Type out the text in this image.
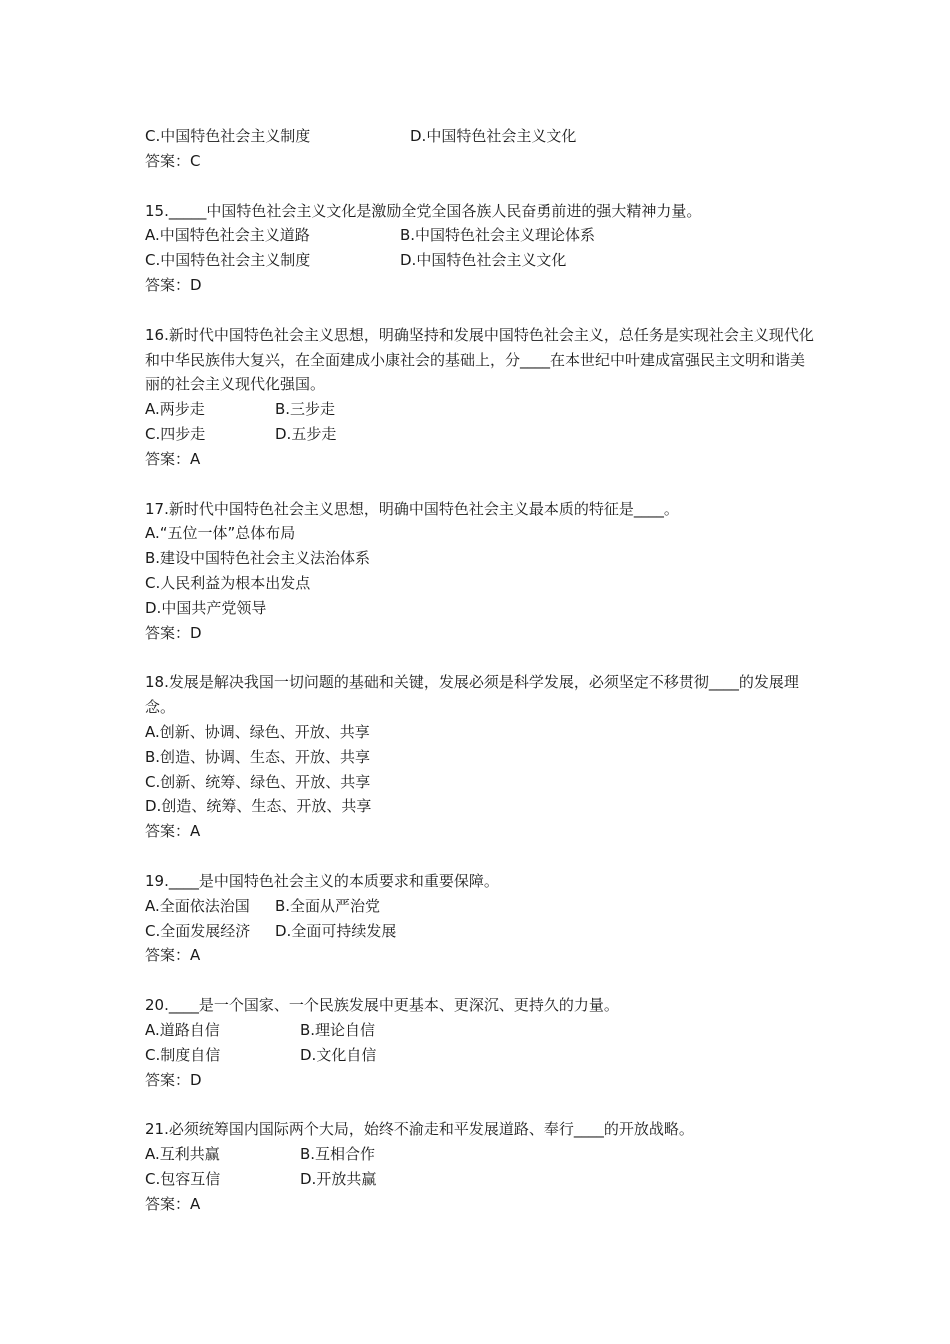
C.中国特色社会主义制度	D.中国特色社会主义文化
答案：C
15._____中国特色社会主义文化是激励全党全国各族人民奋勇前进的强大精神力量。
A.中国特色社会主义道路	B.中国特色社会主义理论体系
C.中国特色社会主义制度	D.中国特色社会主义文化
答案：D
16.新时代中国特色社会主义思想，明确坚持和发展中国特色社会主义，总任务是实现社会主义现代化和中华民族伟大复兴，在全面建成小康社会的基础上，分____在本世纪中叶建成富强民主文明和谐美丽的社会主义现代化强国。
A.两步走	B.三步走
C.四步走	D.五步走
答案：A
17.新时代中国特色社会主义思想，明确中国特色社会主义最本质的特征是____。
A.“五位一体”总体布局
B.建设中国特色社会主义法治体系
C.人民利益为根本出发点
D.中国共产党领导
答案：D
18.发展是解决我国一切问题的基础和关键，发展必须是科学发展，必须坚定不移贯彻____的发展理念。
A.创新、协调、绿色、开放、共享
B.创造、协调、生态、开放、共享
C.创新、统筹、绿色、开放、共享
D.创造、统筹、生态、开放、共享
答案：A
19.____是中国特色社会主义的本质要求和重要保障。
A.全面依法治国	B.全面从严治党
C.全面发展经济	D.全面可持续发展
答案：A
20.____是一个国家、一个民族发展中更基本、更深沉、更持久的力量。
A.道路自信	B.理论自信
C.制度自信	D.文化自信
答案：D
21.必须统筹国内国际两个大局，始终不渝走和平发展道路、奉行____的开放战略。
A.互利共赢	B.互相合作
C.包容互信	D.开放共赢
答案：A
